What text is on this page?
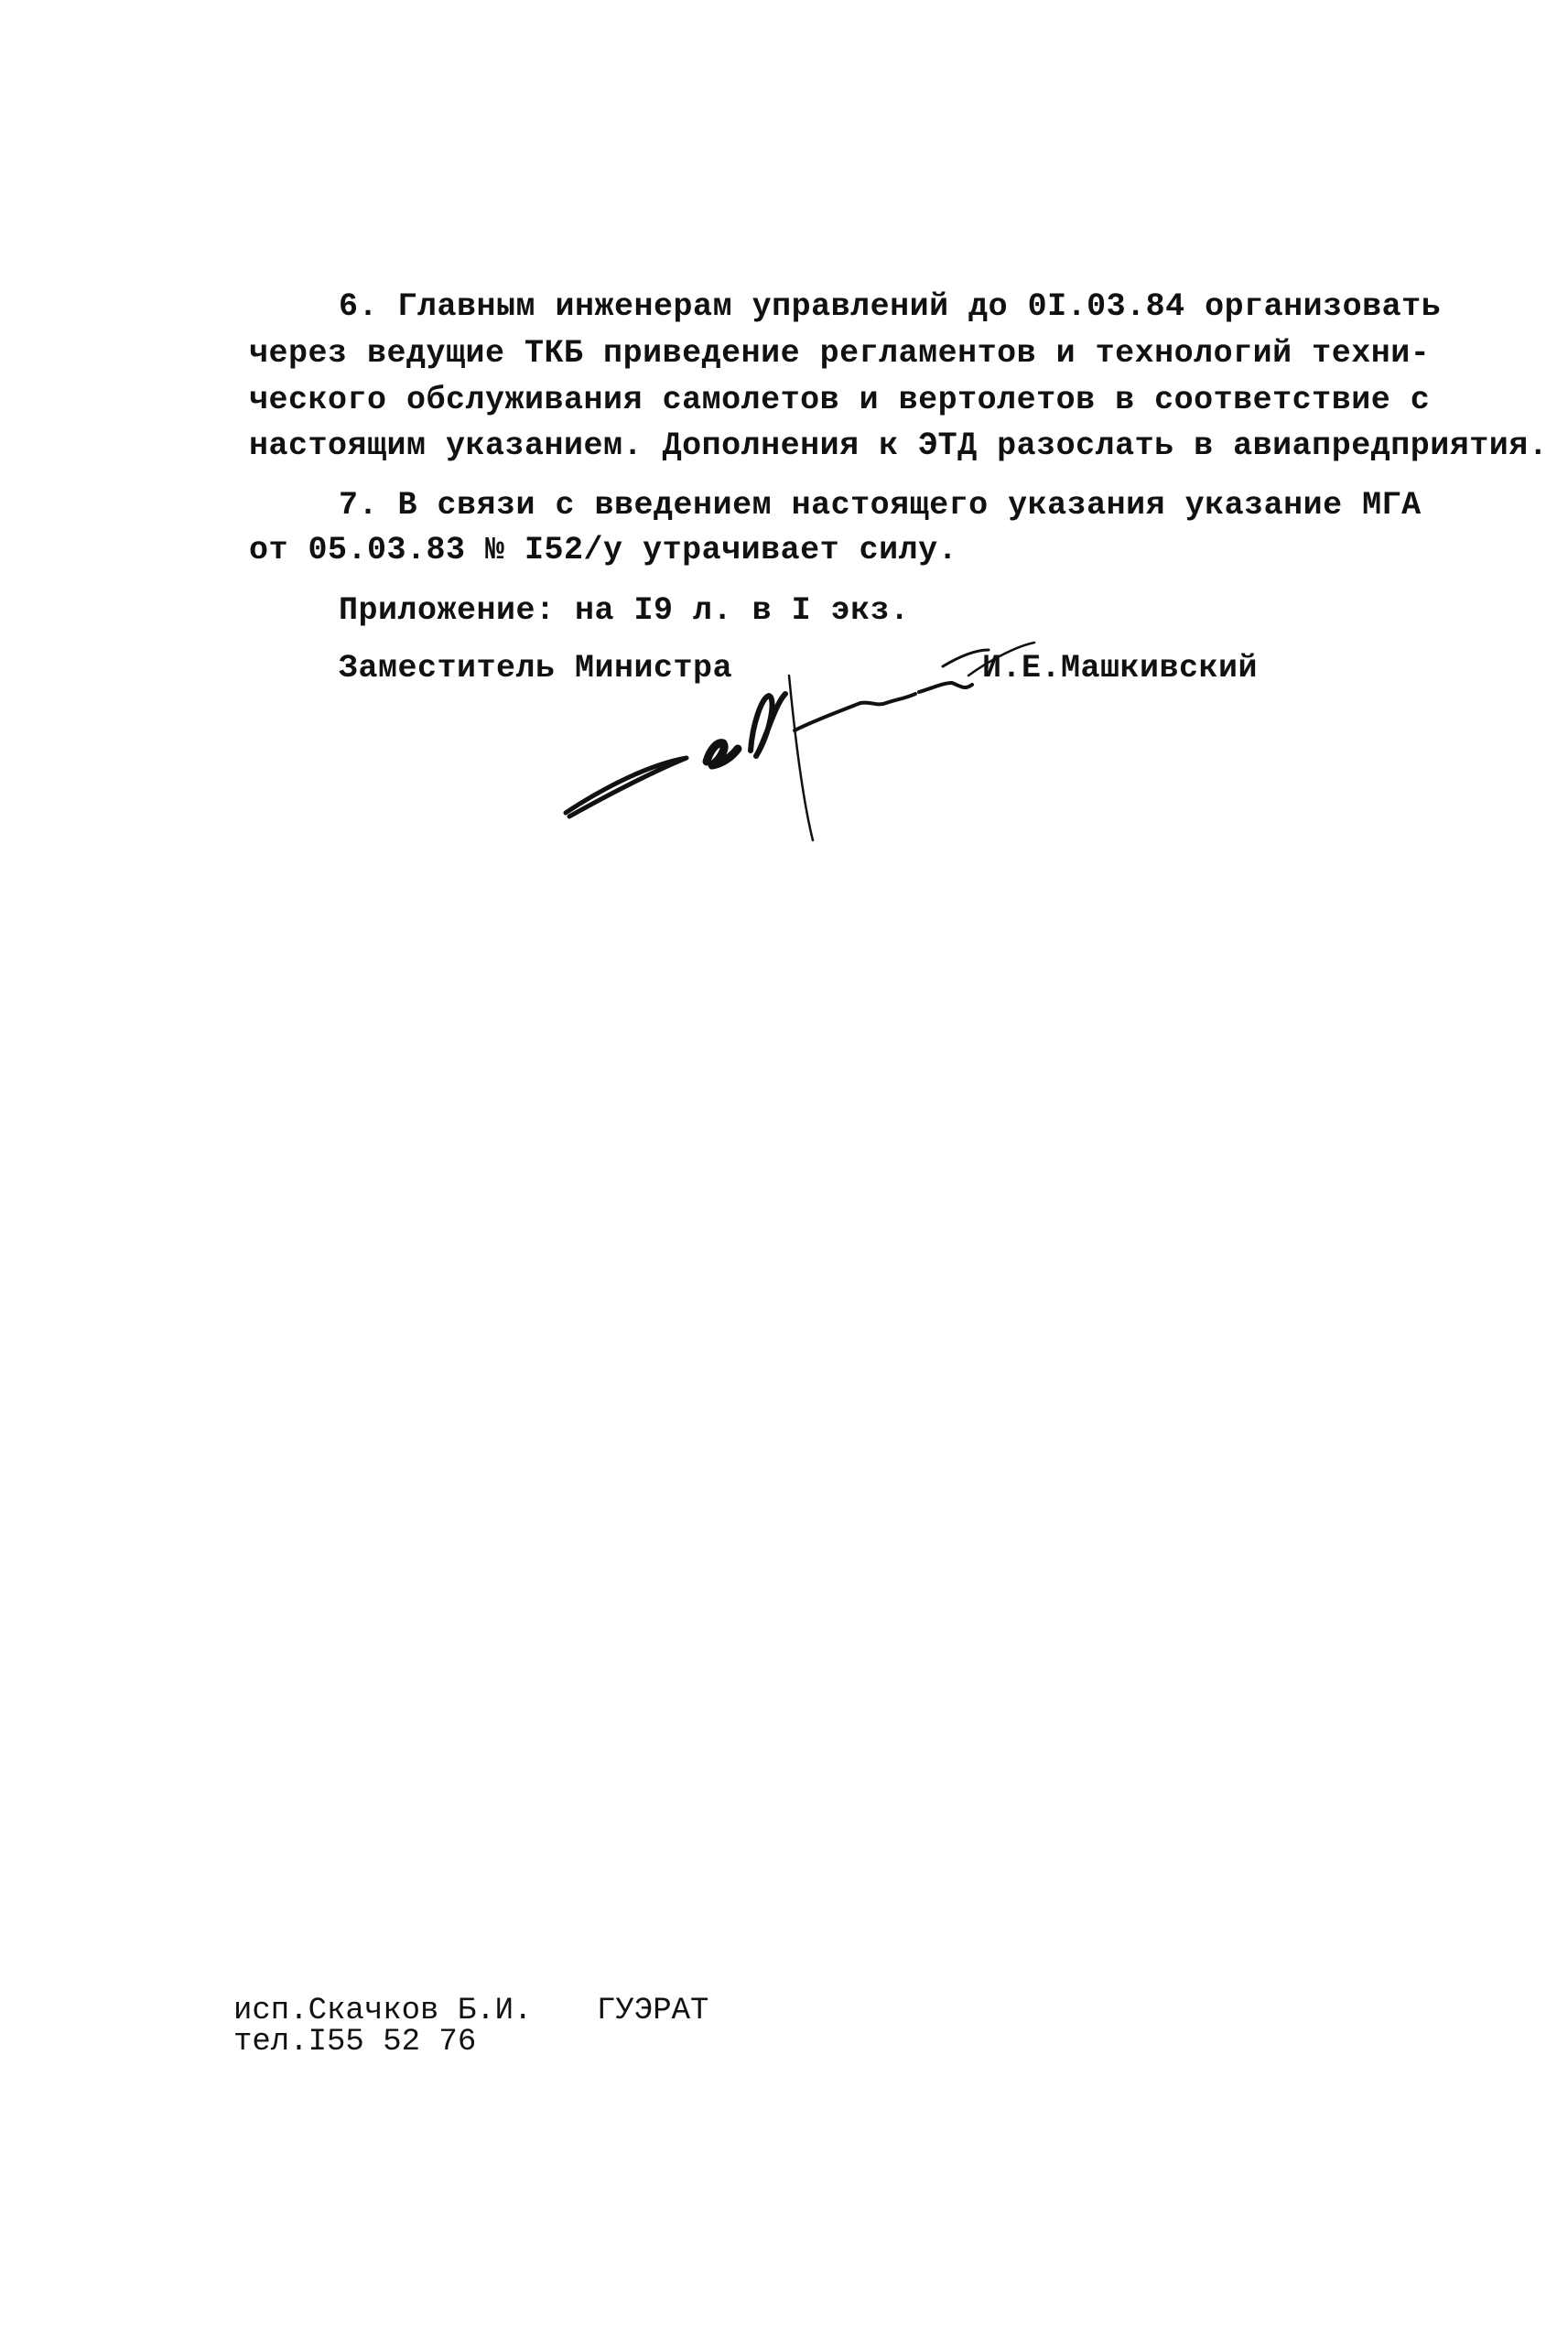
6. Главным инженерам управлений до 0I.03.84 организовать
через ведущие ТКБ приведение регламентов и технологий техни-
ческого обслуживания самолетов и вертолетов в соответствие с
настоящим указанием. Дополнения к ЭТД разослать в авиапредприятия.
7. В связи с введением настоящего указания указание МГА
от 05.03.83 № I52/у утрачивает силу.
Приложение: на I9 л. в I экз.
Заместитель Министра	И.Е.Машкивский
исп.Скачков Б.И. ГУЭРАТ
тел.I55 52 76
